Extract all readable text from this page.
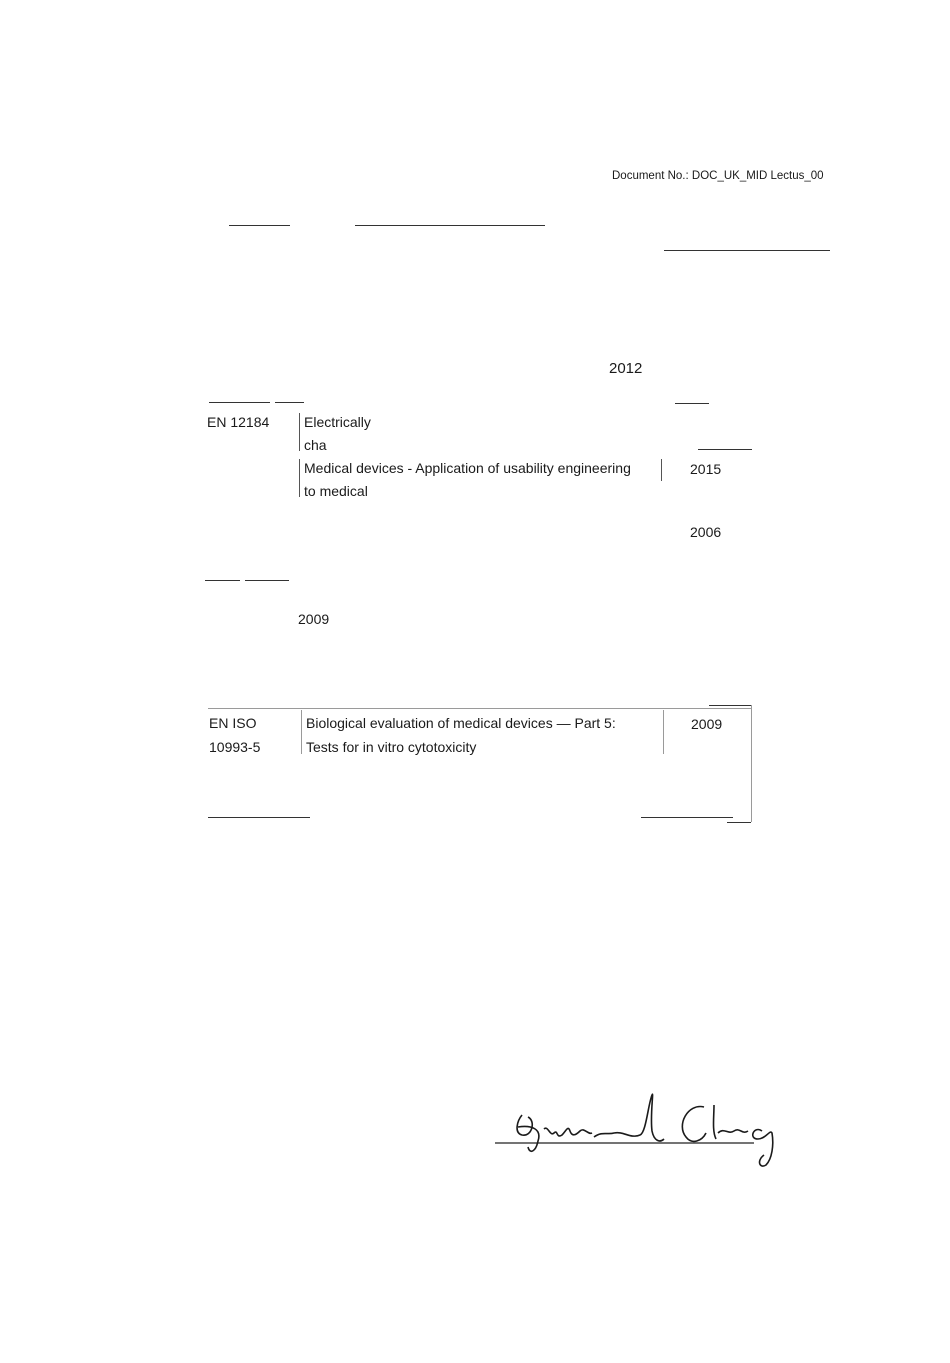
Document No.: DOC_UK_MID Lectus_00
2012
EN 12184 Electrically
cha
Medical devices - Application of usability engineering
to medical
2015
2006
2009
EN ISO
10993-5
Biological evaluation of medical devices — Part 5:
Tests for in vitro cytotoxicity
2009
